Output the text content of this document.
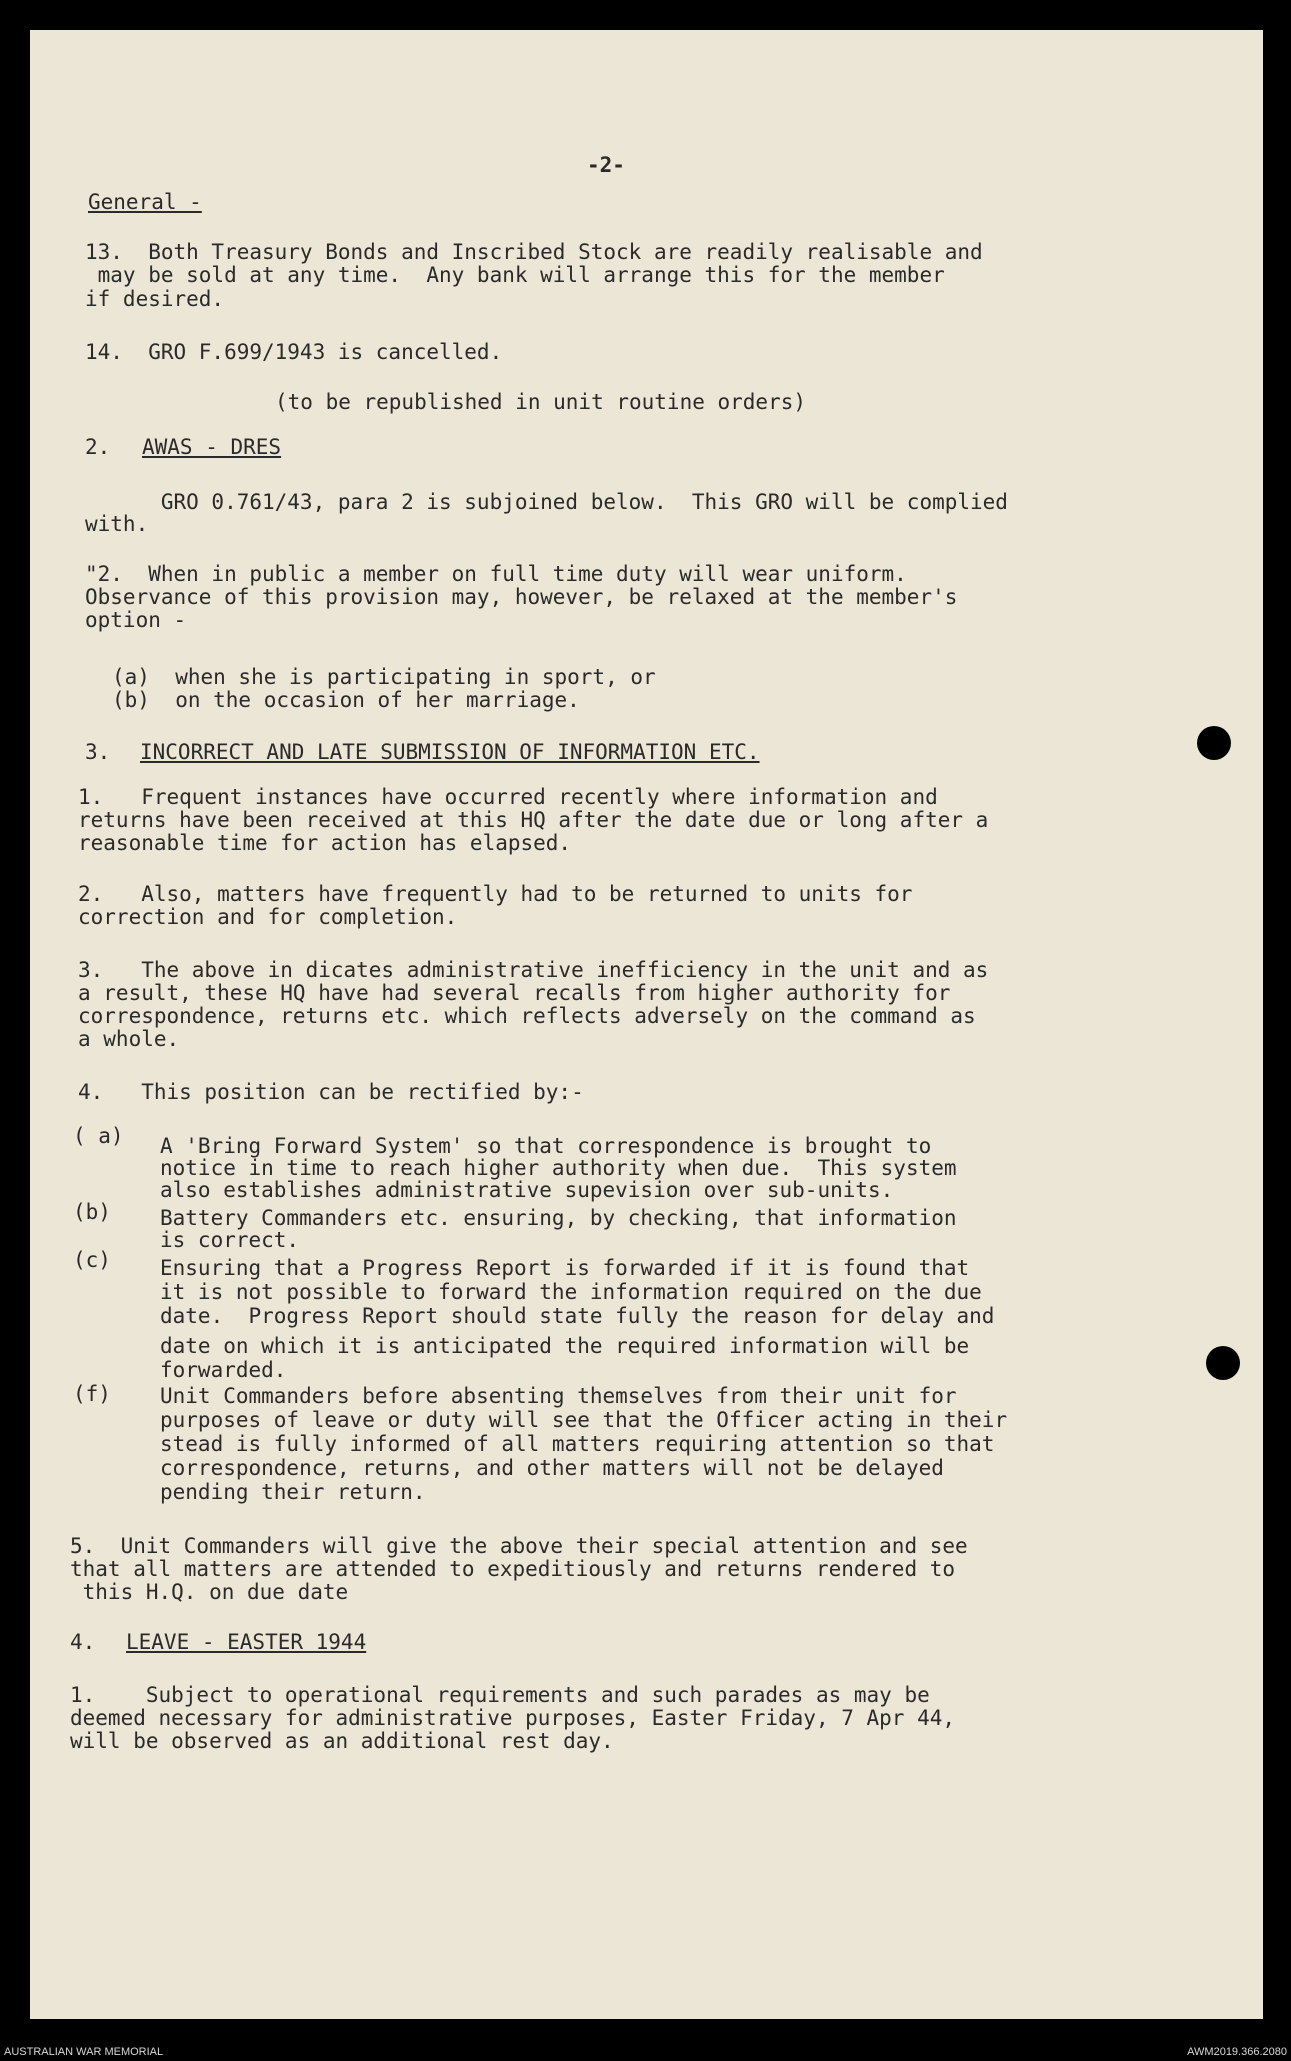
-2-
General -
13.  Both Treasury Bonds and Inscribed Stock are readily realisable and
may be sold at any time.  Any bank will arrange this for the member
if desired.
14.  GRO F.699/1943 is cancelled.
(to be republished in unit routine orders)
2. AWAS - DRES
GRO 0.761/43, para 2 is subjoined below.  This GRO will be complied
with.
"2.  When in public a member on full time duty will wear uniform.
Observance of this provision may, however, be relaxed at the member's
option -
(a)  when she is participating in sport, or
(b)  on the occasion of her marriage.
3. INCORRECT AND LATE SUBMISSION OF INFORMATION ETC.
1.   Frequent instances have occurred recently where information and
returns have been received at this HQ after the date due or long after a
reasonable time for action has elapsed.
2.   Also, matters have frequently had to be returned to units for
correction and for completion.
3.   The above in dicates administrative inefficiency in the unit and as
a result, these HQ have had several recalls from higher authority for
correspondence, returns etc. which reflects adversely on the command as
a whole.
4.   This position can be rectified by:-
( a) A 'Bring Forward System' so that correspondence is brought to
notice in time to reach higher authority when due.  This system
also establishes administrative supevision over sub-units.
(b) Battery Commanders etc. ensuring, by checking, that information
is correct.
(c) Ensuring that a Progress Report is forwarded if it is found that
it is not possible to forward the information required on the due
date.  Progress Report should state fully the reason for delay and
date on which it is anticipated the required information will be
forwarded.
(f) Unit Commanders before absenting themselves from their unit for
purposes of leave or duty will see that the Officer acting in their
stead is fully informed of all matters requiring attention so that
correspondence, returns, and other matters will not be delayed
pending their return.
5.  Unit Commanders will give the above their special attention and see
that all matters are attended to expeditiously and returns rendered to
this H.Q. on due date
4. LEAVE - EASTER 1944
1.    Subject to operational requirements and such parades as may be
deemed necessary for administrative purposes, Easter Friday, 7 Apr 44,
will be observed as an additional rest day.
AUSTRALIAN WAR MEMORIAL	AWM2019.366.2080
